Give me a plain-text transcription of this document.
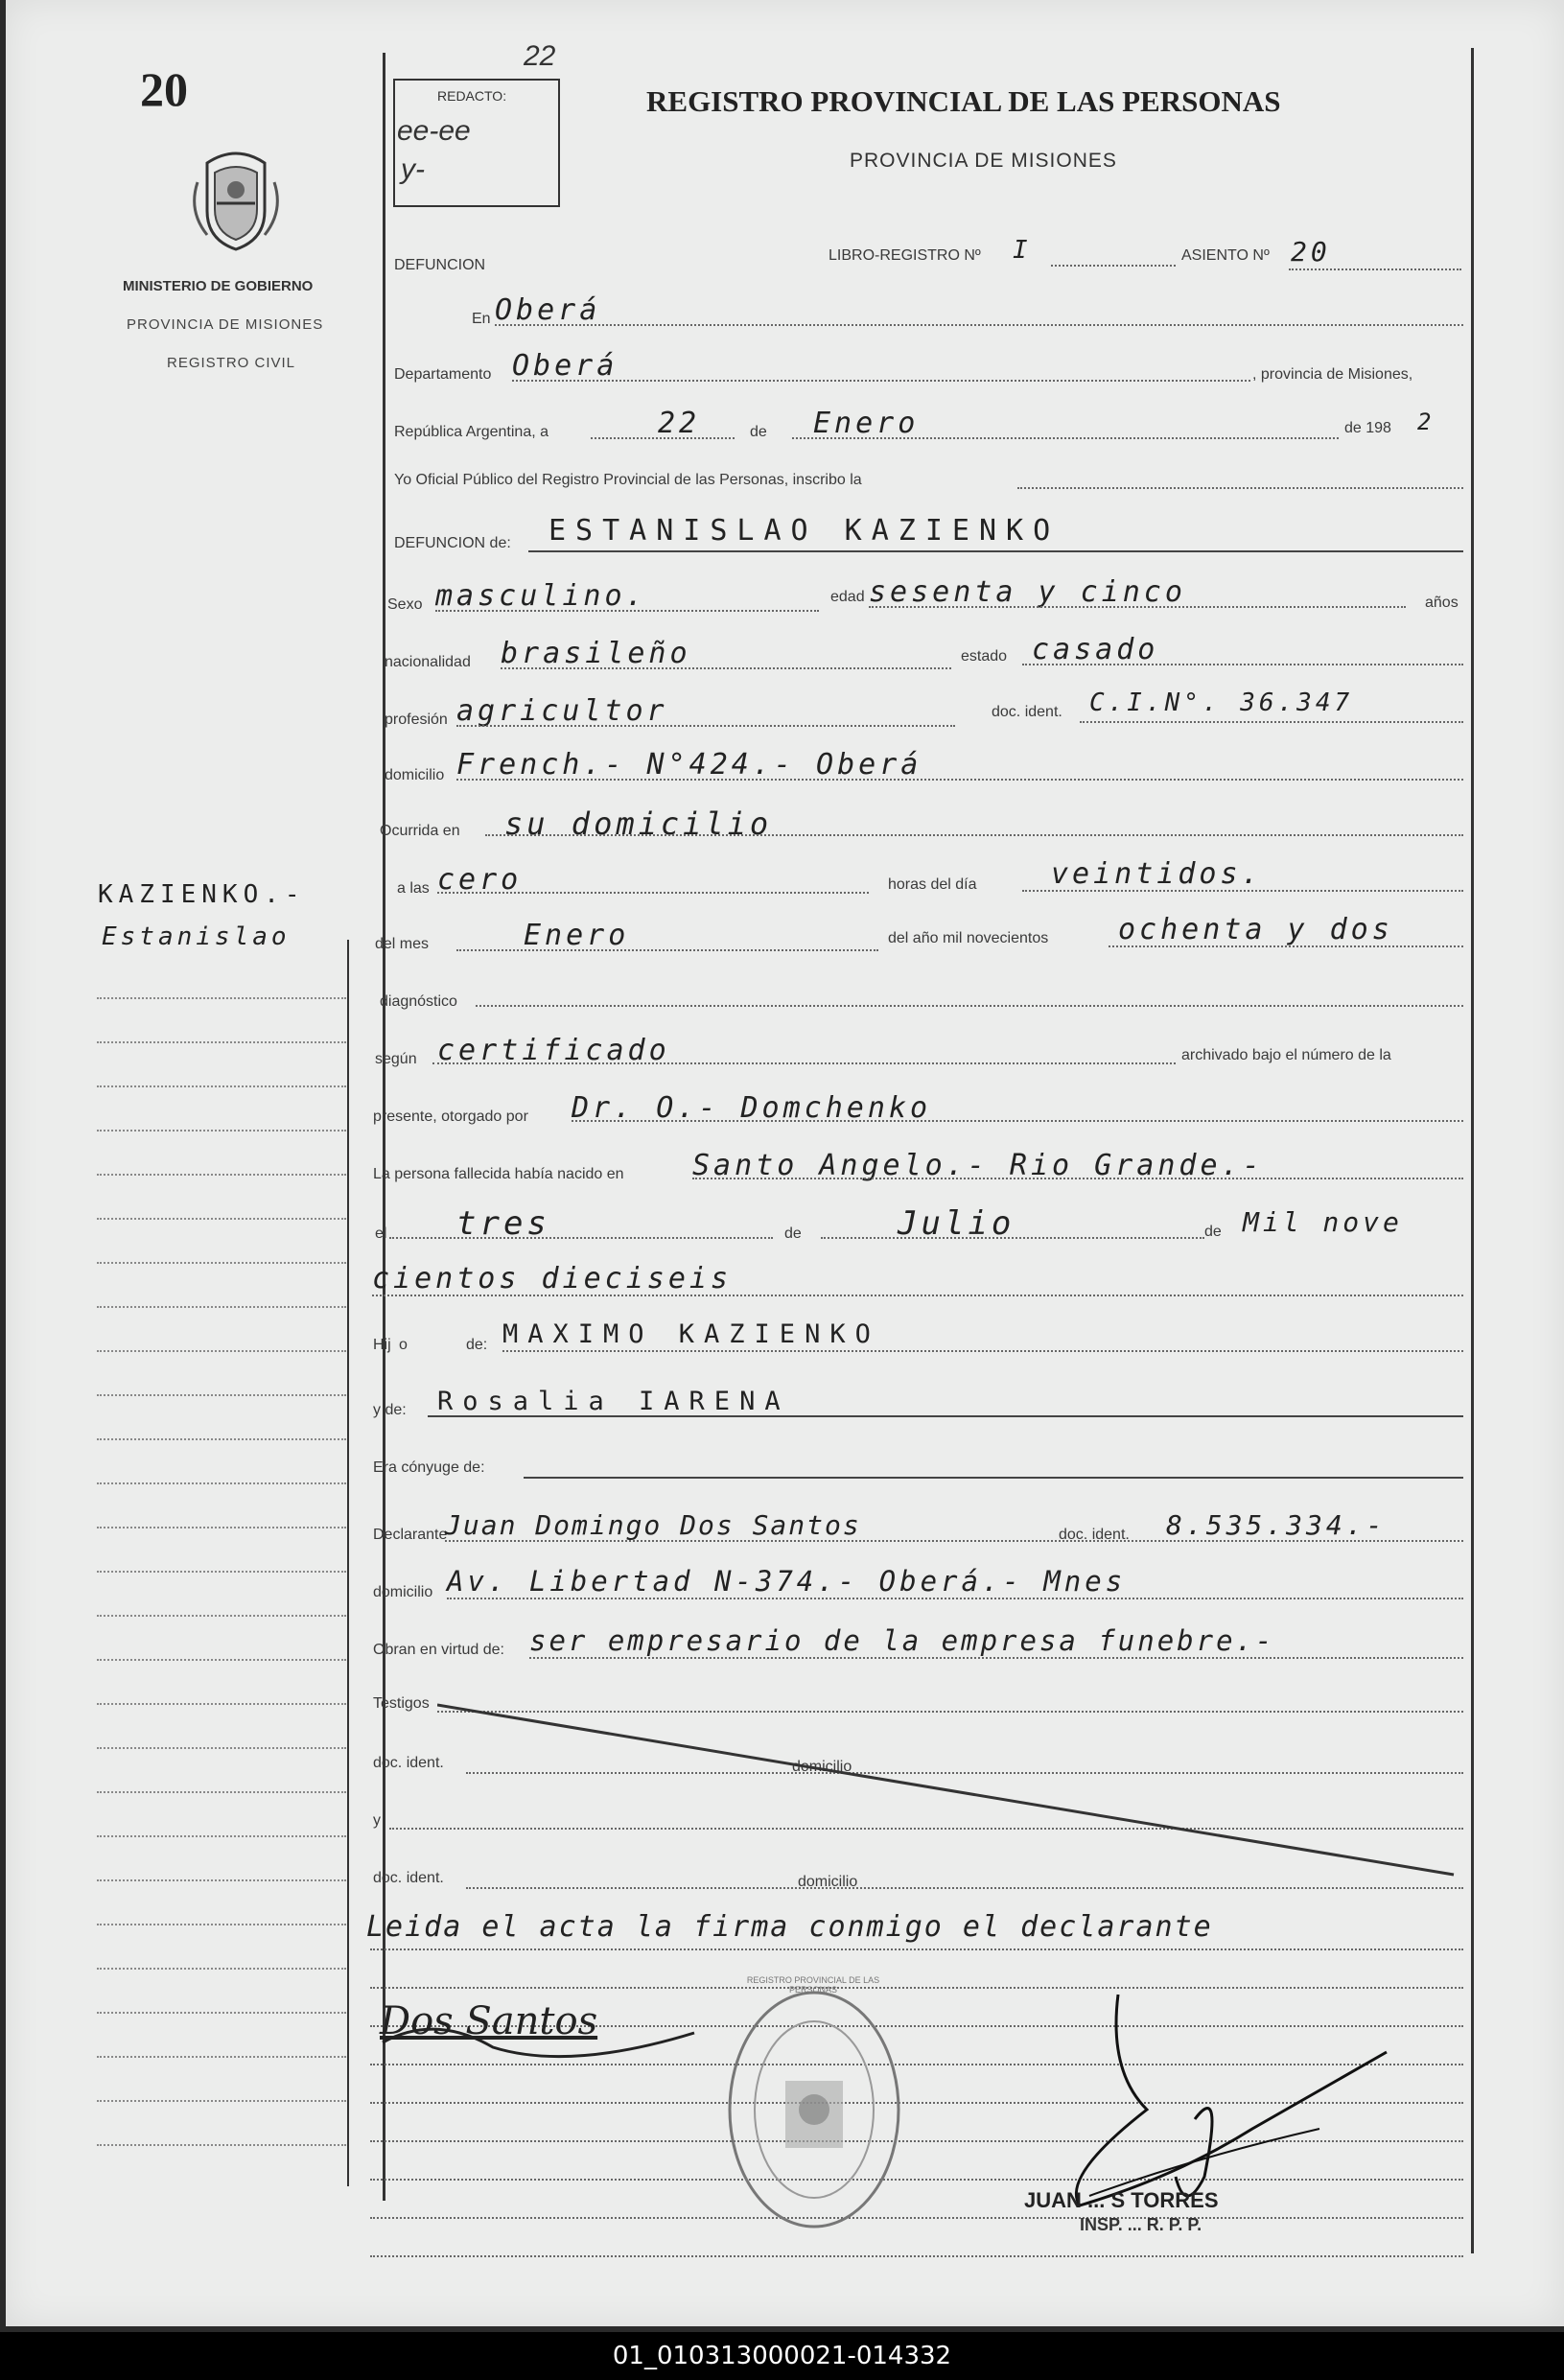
20
MINISTERIO DE GOBIERNO
PROVINCIA DE MISIONES
REGISTRO CIVIL
KAZIENKO.-
Estanislao
REDACTO:
22
ee-ee
y-
REGISTRO PROVINCIAL DE LAS PERSONAS
PROVINCIA DE MISIONES
DEFUNCION
LIBRO-REGISTRO Nº I	ASIENTO Nº 20
En Oberá
Departamento Oberá	, provincia de Misiones,
República Argentina, a	22	de Enero	de 198 2
Yo Oficial Público del Registro Provincial de las Personas, inscribo la
DEFUNCION de: ESTANISLAO KAZIENKO
Sexo masculino.	edad sesenta y cinco	años
nacionalidad brasileño	estado casado
profesión agricultor	doc. ident. C.I.N°. 36.347
domicilio French.- N°424.- Oberá
Ocurrida en su domicilio
a las cero	horas del día	veintidos.
del mes	Enero	del año mil novecientos ochenta y dos
diagnóstico
según certificado	archivado bajo el número de la
presente, otorgado por Dr. O.- Domchenko
La persona fallecida había nacido en Santo Angelo.- Rio Grande.-
el tres	de	Julio	de Mil nove
cientos dieciseis
Hij o	de: MAXIMO KAZIENKO
y de: Rosalia IARENA
Era cónyuge de:
Declarante
Juan Domingo Dos Santos	doc. ident. 8.535.334.-
domicilio Av. Libertad N-374.- Oberá.- Mnes
Obran en virtud de: ser empresario de la empresa funebre.-
Testigos
doc. ident.	domicilio
y
doc. ident.	domicilio
Leida el acta la firma conmigo el declarante
Dos Santos
REGISTRO PROVINCIAL DE LAS PERSONAS
JUAN ... S TORRES
INSP. ... R. P. P.
01_010313000021-014332
